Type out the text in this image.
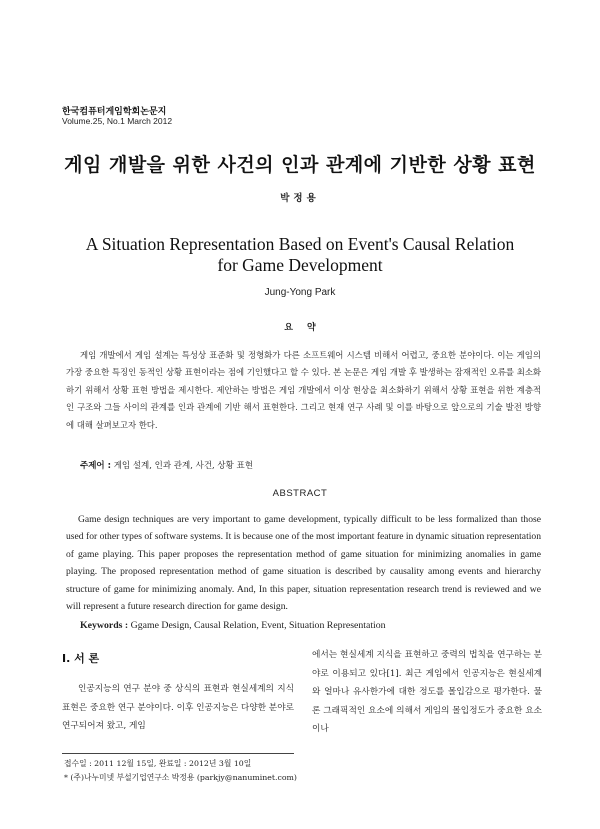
한국컴퓨터게임학회논문지
Volume.25, No.1 March 2012
게임 개발을 위한 사건의 인과 관계에 기반한 상황 표현
박정용
A Situation Representation Based on Event's Causal Relation
for Game Development
Jung-Yong Park
요약
게임 개발에서 게임 설계는 특성상 표준화 및 정형화가 다른 소프트웨어 시스템 비해서 어렵고, 중요한 분야이다. 이는 게임의 가장 중요한 특징인 동적인 상황 표현이라는 점에 기인했다고 할 수 있다. 본 논문은 게임 개발 후 발생하는 잠재적인 오류를 최소화하기 위해서 상황 표현 방법을 제시한다. 제안하는 방법은 게임 개발에서 이상 현상을 최소화하기 위해서 상황 표현을 위한 계층적인 구조와 그들 사이의 관계를 인과 관계에 기반 해서 표현한다. 그리고 현재 연구 사례 및 이를 바탕으로 앞으로의 기술 발전 방향에 대해 살펴보고자 한다.
주제어 : 게임 설계, 인과 관계, 사건, 상황 표현
ABSTRACT
Game design techniques are very important to game development, typically difficult to be less formalized than those used for other types of software systems. It is because one of the most important feature in dynamic situation representation of game playing. This paper proposes the representation method of game situation for minimizing anomalies in game playing. The proposed representation method of game situation is described by causality among events and hierarchy structure of game for minimizing anomaly. And, In this paper, situation representation research trend is reviewed and we will represent a future research direction for game design.
Keywords : Ggame Design, Causal Relation, Event, Situation Representation
Ⅰ. 서 론
인공지능의 연구 분야 중 상식의 표현과 현실세계의 지식표현은 중요한 연구 분야이다. 이후 인공지능은 다양한 분야로 연구되어져 왔고, 게임
에서는 현실세계 지식을 표현하고 중력의 법칙을 연구하는 분야로 이용되고 있다[1]. 최근 게임에서 인공지능은 현실세계와 얼마나 유사한가에 대한 정도를 몰입감으로 평가한다. 물론 그래픽적인 요소에 의해서 게임의 몰입정도가 중요한 요소이나
접수일 : 2011 12월 15일, 완료일 : 2012년 3월 10일
* (주)나누미넷 부설기업연구소 박정용 (parkjy@nanuminet.com)
